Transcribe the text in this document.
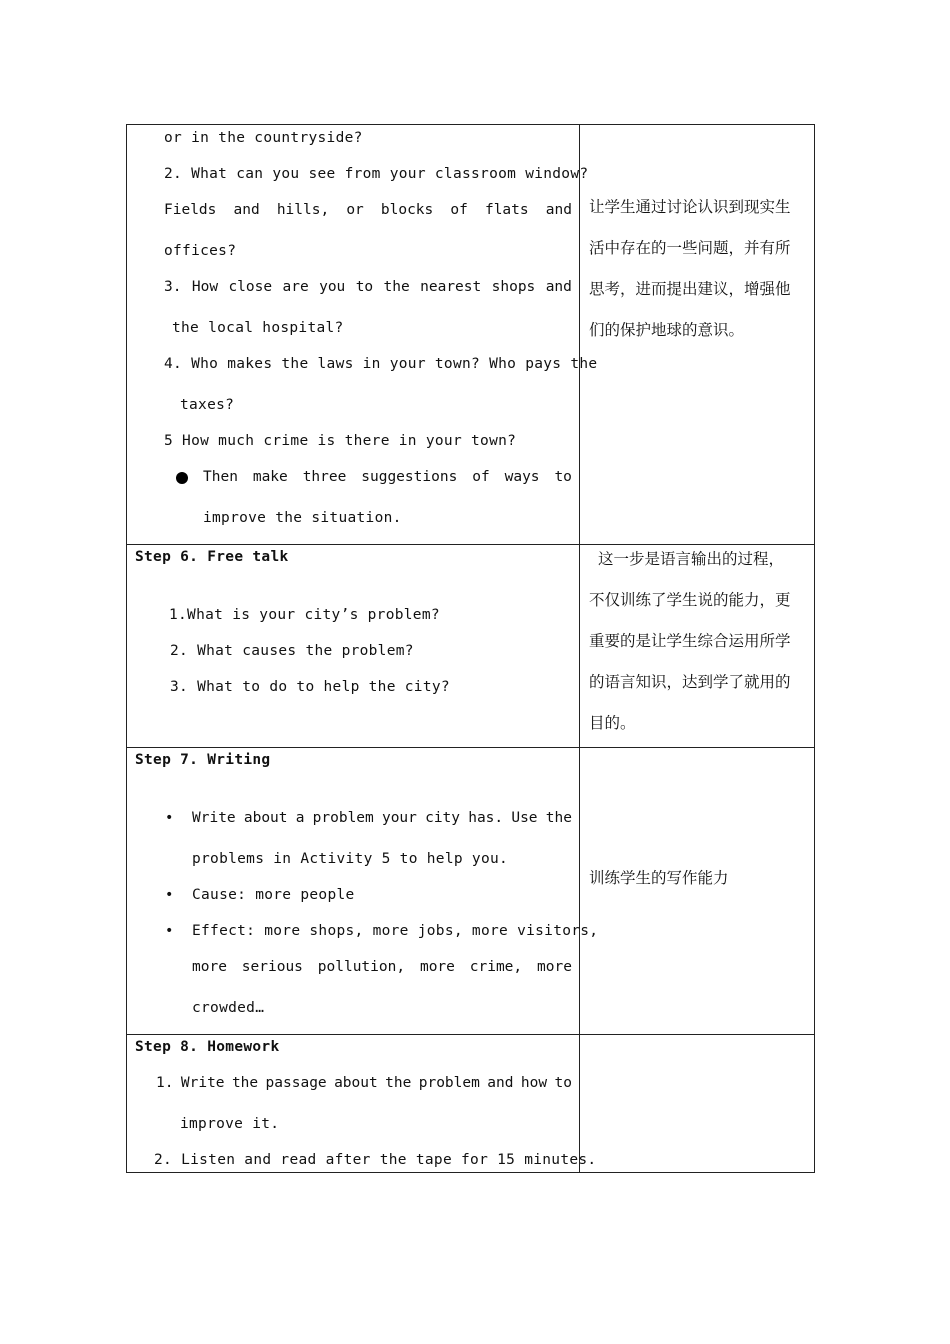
or in the countryside?
2. What can you see from your classroom window?
Fields and hills, or blocks of flats and
offices?
3. How close are you to the nearest shops and
the local hospital?
4. Who makes the laws in your town? Who pays the
taxes?
5 How much crime is there in your town?
Then make three suggestions of ways to
improve the situation.
让学生通过讨论认识到现实生
活中存在的一些问题，并有所
思考，进而提出建议，增强他
们的保护地球的意识。
Step 6. Free talk
1.What is your city’s problem?
2. What causes the problem?
3. What to do to help the city?
这一步是语言输出的过程，
不仅训练了学生说的能力，更
重要的是让学生综合运用所学
的语言知识，达到学了就用的
目的。
Step 7. Writing
• Write about a problem your city has. Use the
problems in Activity 5 to help you.
• Cause: more people
• Effect: more shops, more jobs, more visitors,
more serious pollution, more crime, more
crowded…
训练学生的写作能力
Step 8. Homework
1. Write the passage about the problem and how to
improve it.
2. Listen and read after the tape for 15 minutes.
